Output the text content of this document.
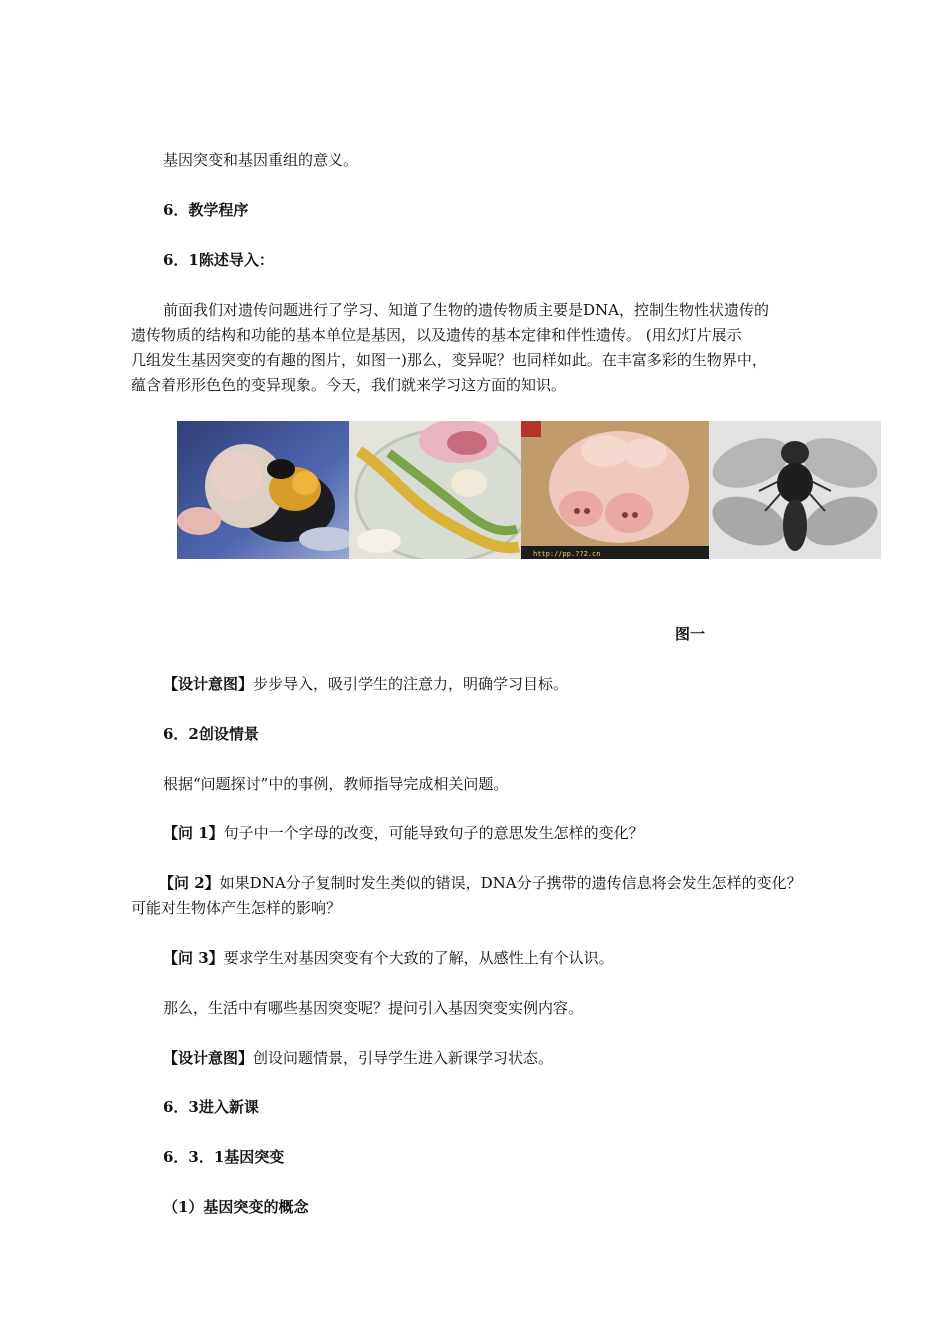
基因突变和基因重组的意义。

6．教学程序

6．1陈述导入：

前面我们对遗传问题进行了学习、知道了生物的遗传物质主要是DNA，控制生物性状遗传的

遗传物质的结构和功能的基本单位是基因，以及遗传的基本定律和伴性遗传。 (用幻灯片展示

几组发生基因突变的有趣的图片，如图一)那么，变异呢？也同样如此。在丰富多彩的生物界中，

蕴含着形形色色的变异现象。今天，我们就来学习这方面的知识。

http://pp.??2.cn
图一

【设计意图】步步导入，吸引学生的注意力，明确学习目标。

6．2创设情景

根据“问题探讨”中的事例，教师指导完成相关问题。

【问 1】句子中一个字母的改变，可能导致句子的意思发生怎样的变化？

【问 2】如果DNA分子复制时发生类似的错误，DNA分子携带的遗传信息将会发生怎样的变化？

可能对生物体产生怎样的影响？

【问 3】要求学生对基因突变有个大致的了解，从感性上有个认识。

那么，生活中有哪些基因突变呢？提问引入基因突变实例内容。

【设计意图】创设问题情景，引导学生进入新课学习状态。

6．3进入新课

6．3．1基因突变

（1）基因突变的概念
